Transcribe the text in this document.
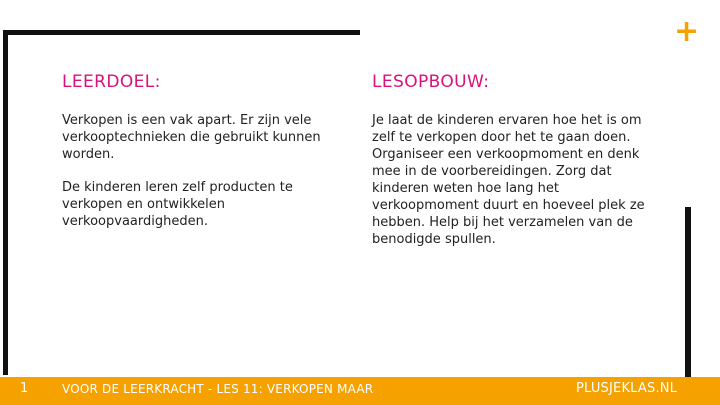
+
LEERDOEL:

Verkopen is een vak apart. Er zijn vele verkooptechnieken die gebruikt kunnen worden.

De kinderen leren zelf producten te verkopen en ontwikkelen verkoopvaardigheden.

LESOPBOUW:

Je laat de kinderen ervaren hoe het is om zelf te verkopen door het te gaan doen. Organiseer een verkoopmoment en denk mee in de voorbereidingen. Zorg dat kinderen weten hoe lang het verkoopmoment duurt en hoeveel plek ze hebben. Help bij het verzamelen van de benodigde spullen.

1	VOOR DE LEERKRACHT - LES 11: VERKOPEN MAAR	PLUSJEKLAS.NL
